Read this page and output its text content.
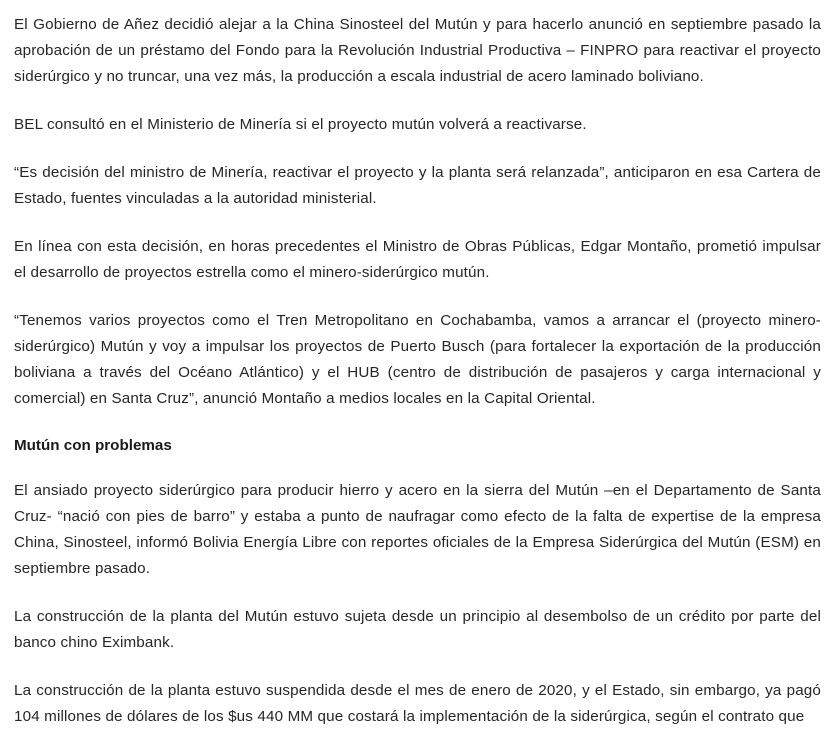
El Gobierno de Añez decidió alejar a la China Sinosteel del Mutún y para hacerlo anunció en septiembre pasado la aprobación de un préstamo del Fondo para la Revolución Industrial Productiva – FINPRO para reactivar el proyecto siderúrgico y no truncar, una vez más, la producción a escala industrial de acero laminado boliviano.

BEL consultó en el Ministerio de Minería si el proyecto mutún volverá a reactivarse.

“Es decisión del ministro de Minería, reactivar el proyecto y la planta será relanzada”, anticiparon en esa Cartera de Estado, fuentes vinculadas a la autoridad ministerial.

En línea con esta decisión, en horas precedentes el Ministro de Obras Públicas, Edgar Montaño, prometió impulsar el desarrollo de proyectos estrella como el minero-siderúrgico mutún.

“Tenemos varios proyectos como el Tren Metropolitano en Cochabamba, vamos a arrancar el (proyecto minero-siderúrgico) Mutún y voy a impulsar los proyectos de Puerto Busch (para fortalecer la exportación de la producción boliviana a través del Océano Atlántico) y el HUB (centro de distribución de pasajeros y carga internacional y comercial) en Santa Cruz”, anunció Montaño a medios locales en la Capital Oriental.

Mutún con problemas

El ansiado proyecto siderúrgico para producir hierro y acero en la sierra del Mutún –en el Departamento de Santa Cruz- “nació con pies de barro” y estaba a punto de naufragar como efecto de la falta de expertise de la empresa China, Sinosteel, informó Bolivia Energía Libre con reportes oficiales de la Empresa Siderúrgica del Mutún (ESM) en septiembre pasado.

La construcción de la planta del Mutún estuvo sujeta desde un principio al desembolso de un crédito por parte del banco chino Eximbank.

La construcción de la planta estuvo suspendida desde el mes de enero de 2020, y el Estado, sin embargo, ya pagó 104 millones de dólares de los $us 440 MM que costará la implementación de la siderúrgica, según el contrato que
